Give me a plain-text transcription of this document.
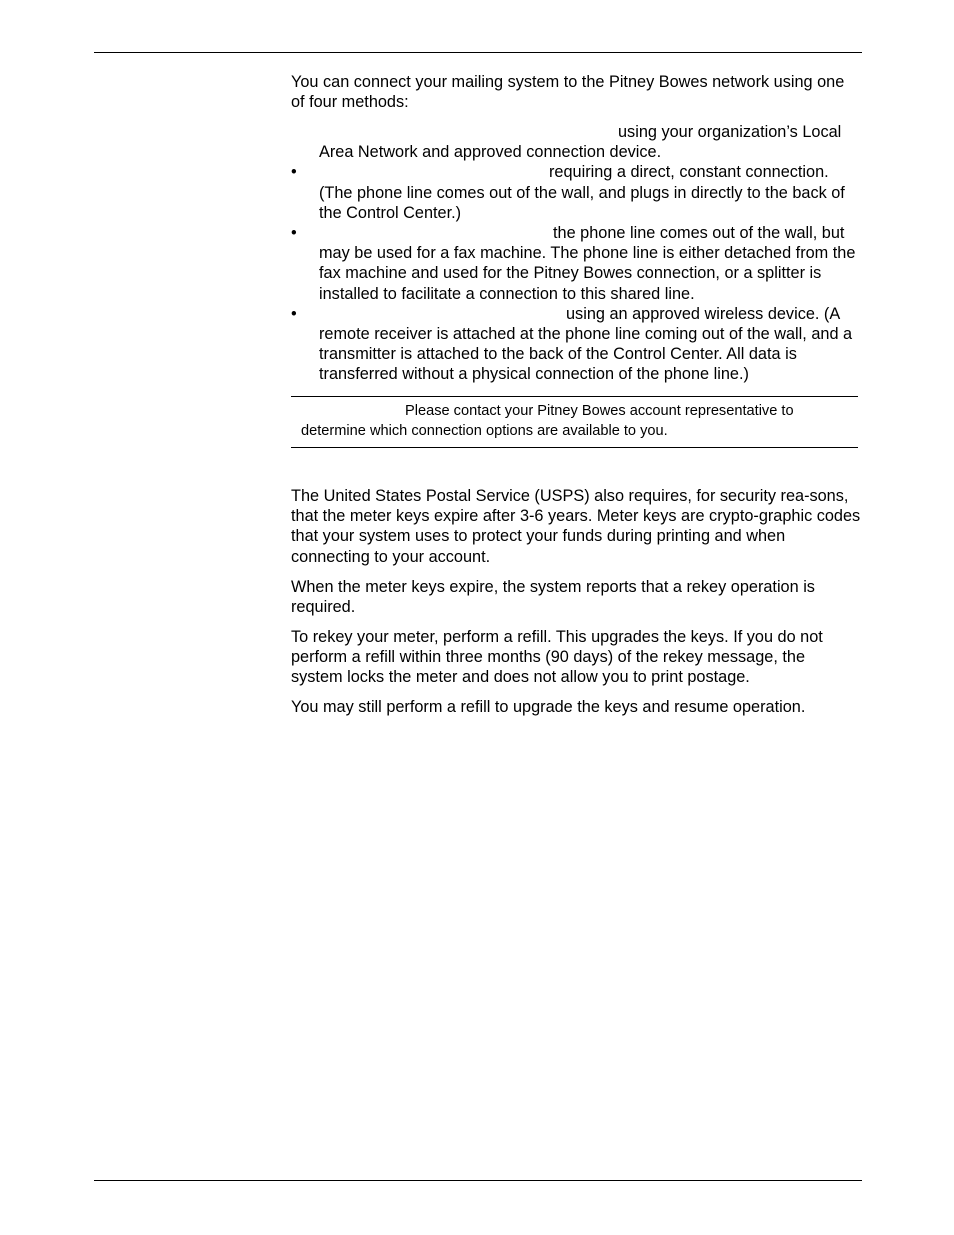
You can connect your mailing system to the Pitney Bowes network using one of four methods:

using your organization’s Local Area Network and approved connection device.
•	requiring a direct, constant connection. (The phone line comes out of the wall, and plugs in directly to the back of the Control Center.)
•	the phone line comes out of the wall, but may be used for a fax machine. The phone line is either detached from the fax machine and used for the Pitney Bowes connection, or a splitter is installed to facilitate a connection to this shared line.
•	using an approved wireless device. (A remote receiver is attached at the phone line coming out of the wall, and a transmitter is attached to the back of the Control Center. All data is transferred without a physical connection of the phone line.)
Please contact your Pitney Bowes account representative to
determine which connection options are available to you.

The United States Postal Service (USPS) also requires, for security rea-sons, that the meter keys expire after 3-6 years. Meter keys are crypto-graphic codes that your system uses to protect your funds during printing and when connecting to your account.

When the meter keys expire, the system reports that a rekey operation is required.

To rekey your meter, perform a refill. This upgrades the keys. If you do not perform a refill within three months (90 days) of the rekey message, the system locks the meter and does not allow you to print postage.

You may still perform a refill to upgrade the keys and resume operation.
